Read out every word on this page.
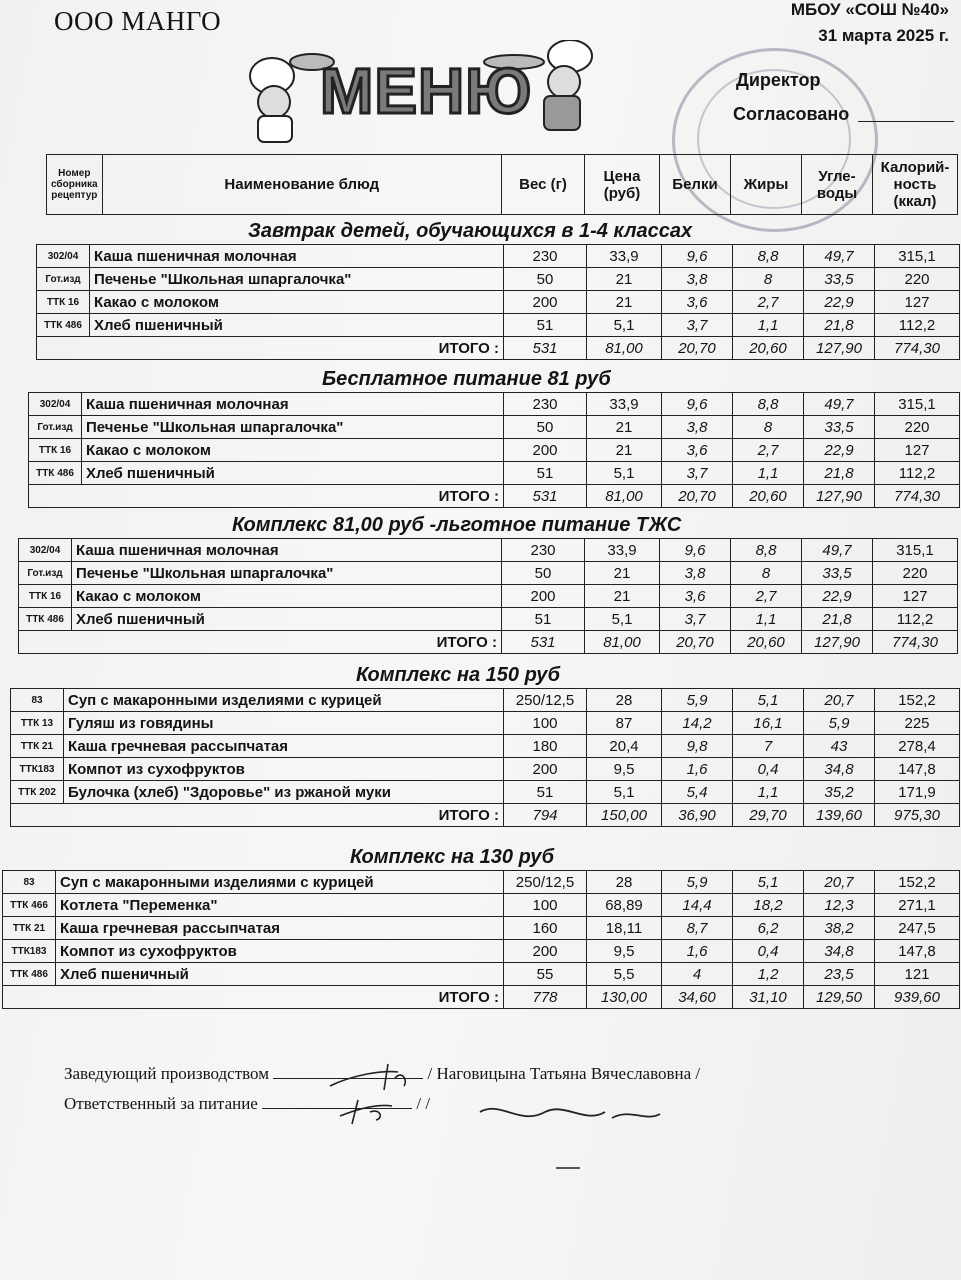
ООО МАНГО	МБОУ «СОШ №40»
31 марта 2025 г.
Директор
Согласовано
МЕНЮ
Номер сборника рецептур	Наименование блюд	Вес (г)	Цена (руб)	Белки	Жиры	Угле-воды	Калорий-ность (ккал)
Завтрак детей, обучающихся в 1-4 классах
302/04	Каша пшеничная молочная	230	33,9	9,6	8,8	49,7	315,1
Гот.изд	Печенье "Школьная шпаргалочка"	50	21	3,8	8	33,5	220
ТТК 16	Какао с молоком	200	21	3,6	2,7	22,9	127
ТТК 486	Хлеб пшеничный	51	5,1	3,7	1,1	21,8	112,2
ИТОГО :		531	81,00	20,70	20,60	127,90	774,30
Бесплатное питание 81 руб
302/04	Каша пшеничная молочная	230	33,9	9,6	8,8	49,7	315,1
Гот.изд	Печенье "Школьная шпаргалочка"	50	21	3,8	8	33,5	220
ТТК 16	Какао с молоком	200	21	3,6	2,7	22,9	127
ТТК 486	Хлеб пшеничный	51	5,1	3,7	1,1	21,8	112,2
ИТОГО :		531	81,00	20,70	20,60	127,90	774,30
Комплекс 81,00 руб -льготное питание ТЖС
302/04	Каша пшеничная молочная	230	33,9	9,6	8,8	49,7	315,1
Гот.изд	Печенье "Школьная шпаргалочка"	50	21	3,8	8	33,5	220
ТТК 16	Какао с молоком	200	21	3,6	2,7	22,9	127
ТТК 486	Хлеб пшеничный	51	5,1	3,7	1,1	21,8	112,2
ИТОГО :		531	81,00	20,70	20,60	127,90	774,30
Комплекс на 150 руб
83	Суп с макаронными изделиями с курицей	250/12,5	28	5,9	5,1	20,7	152,2
ТТК 13	Гуляш из говядины	100	87	14,2	16,1	5,9	225
ТТК 21	Каша гречневая рассыпчатая	180	20,4	9,8	7	43	278,4
ТТК183	Компот из сухофруктов	200	9,5	1,6	0,4	34,8	147,8
ТТК 202	Булочка (хлеб) "Здоровье" из ржаной муки	51	5,1	5,4	1,1	35,2	171,9
ИТОГО :		794	150,00	36,90	29,70	139,60	975,30
Комплекс на 130 руб
83	Суп с макаронными изделиями с курицей	250/12,5	28	5,9	5,1	20,7	152,2
ТТК 466	Котлета "Переменка"	100	68,89	14,4	18,2	12,3	271,1
ТТК 21	Каша гречневая рассыпчатая	160	18,11	8,7	6,2	38,2	247,5
ТТК183	Компот из сухофруктов	200	9,5	1,6	0,4	34,8	147,8
ТТК 486	Хлеб пшеничный	55	5,5	4	1,2	23,5	121
ИТОГО :		778	130,00	34,60	31,10	129,50	939,60
Заведующий производством	/ Наговицына Татьяна Вячеславовна /
Ответственный за питание	/ /
